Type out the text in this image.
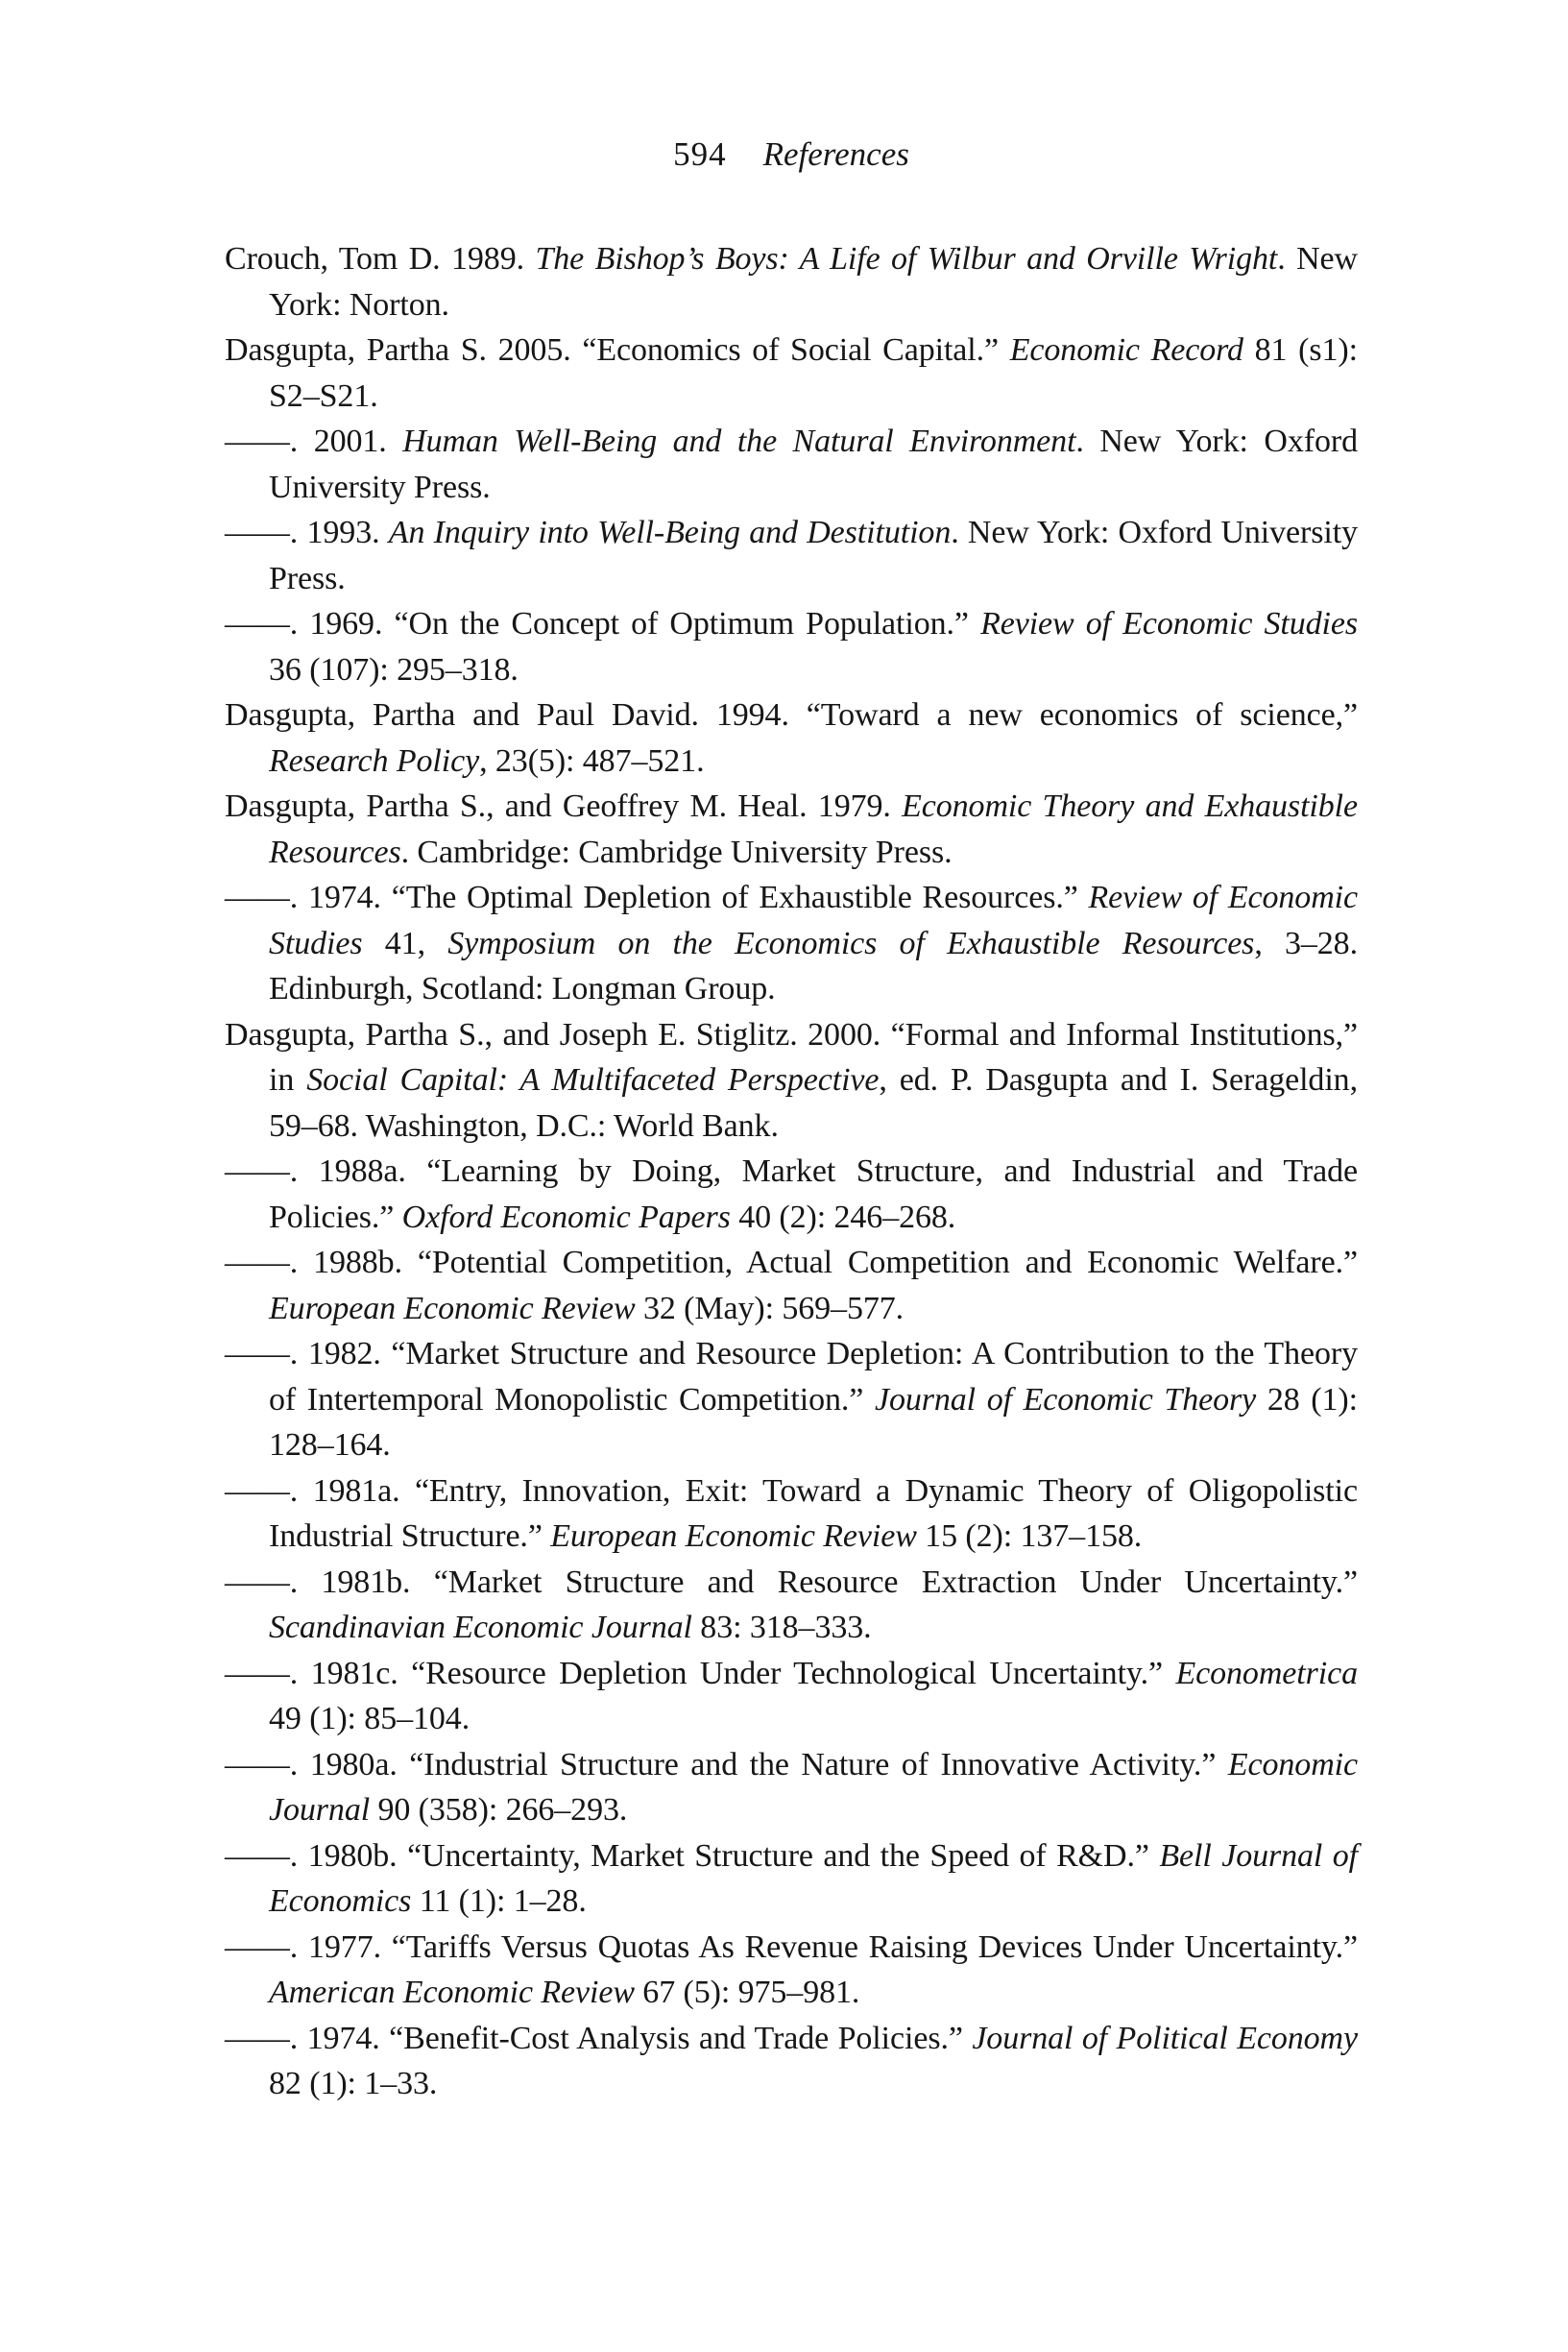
594 References

Crouch, Tom D. 1989. The Bishop’s Boys: A Life of Wilbur and Orville Wright. New York: Norton.

Dasgupta, Partha S. 2005. “Economics of Social Capital.” Economic Record 81 (s1): S2–S21.

——. 2001. Human Well-Being and the Natural Environment. New York: Oxford University Press.

——. 1993. An Inquiry into Well-Being and Destitution. New York: Oxford University Press.

——. 1969. “On the Concept of Optimum Population.” Review of Economic Studies 36 (107): 295–318.

Dasgupta, Partha and Paul David. 1994. “Toward a new economics of science,” Research Policy, 23(5): 487–521.

Dasgupta, Partha S., and Geoffrey M. Heal. 1979. Economic Theory and Exhaustible Resources. Cambridge: Cambridge University Press.

——. 1974. “The Optimal Depletion of Exhaustible Resources.” Review of Economic Studies 41, Symposium on the Economics of Exhaustible Resources, 3–28. Edinburgh, Scotland: Longman Group.

Dasgupta, Partha S., and Joseph E. Stiglitz. 2000. “Formal and Informal Institutions,” in Social Capital: A Multifaceted Perspective, ed. P. Dasgupta and I. Serageldin, 59–68. Washington, D.C.: World Bank.

——. 1988a. “Learning by Doing, Market Structure, and Industrial and Trade Policies.” Oxford Economic Papers 40 (2): 246–268.

——. 1988b. “Potential Competition, Actual Competition and Economic Welfare.” European Economic Review 32 (May): 569–577.

——. 1982. “Market Structure and Resource Depletion: A Contribution to the Theory of Intertemporal Monopolistic Competition.” Journal of Economic Theory 28 (1): 128–164.

——. 1981a. “Entry, Innovation, Exit: Toward a Dynamic Theory of Oligopolistic Industrial Structure.” European Economic Review 15 (2): 137–158.

——. 1981b. “Market Structure and Resource Extraction Under Uncertainty.” Scandinavian Economic Journal 83: 318–333.

——. 1981c. “Resource Depletion Under Technological Uncertainty.” Econometrica 49 (1): 85–104.

——. 1980a. “Industrial Structure and the Nature of Innovative Activity.” Economic Journal 90 (358): 266–293.

——. 1980b. “Uncertainty, Market Structure and the Speed of R&D.” Bell Journal of Economics 11 (1): 1–28.

——. 1977. “Tariffs Versus Quotas As Revenue Raising Devices Under Uncertainty.” American Economic Review 67 (5): 975–981.

——. 1974. “Benefit-Cost Analysis and Trade Policies.” Journal of Political Economy 82 (1): 1–33.
